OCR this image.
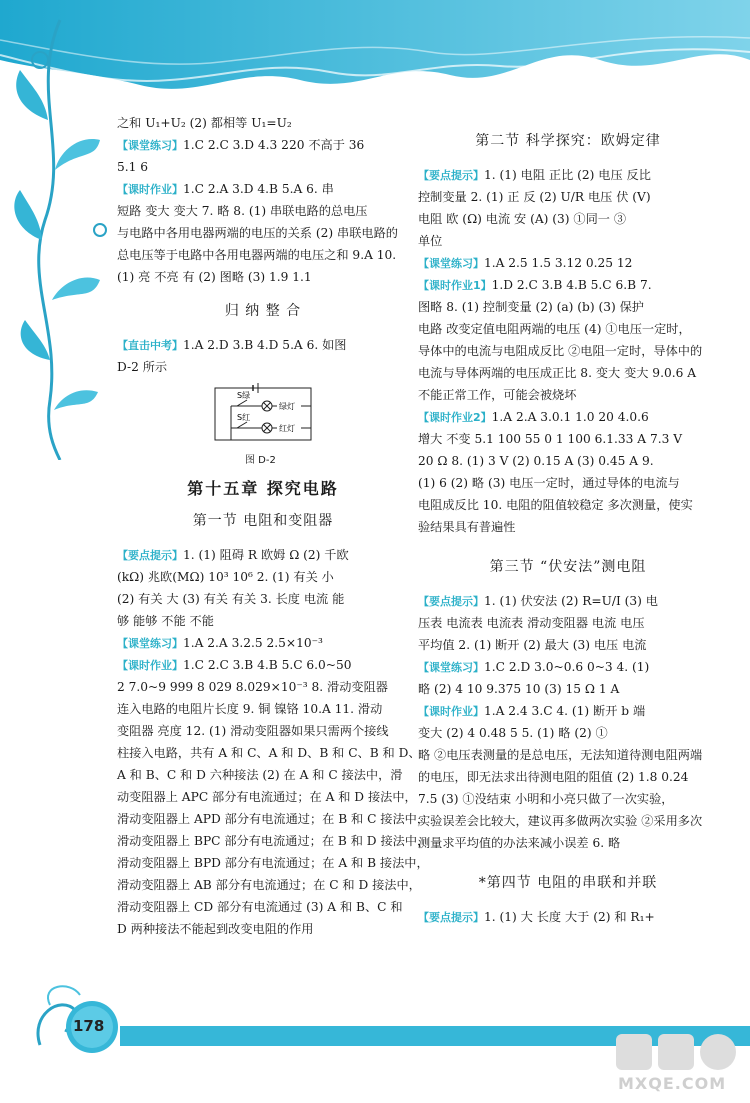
之和 U₁+U₂ (2) 都相等 U₁=U₂
【课堂练习】1.C 2.C 3.D 4.3 220 不高于 36
5.1 6
【课时作业】1.C 2.A 3.D 4.B 5.A 6. 串
短路 变大 变大 7. 略 8. (1) 串联电路的总电压
与电路中各用电器两端的电压的关系 (2) 串联电路的
总电压等于电路中各用电器两端的电压之和 9.A 10.
(1) 亮 不亮 有 (2) 图略 (3) 1.9 1.1
归 纳 整 合
【直击中考】1.A 2.D 3.B 4.D 5.A 6. 如图
D-2 所示
S绿
S红
绿灯
红灯
图 D-2
第十五章 探究电路
第一节 电阻和变阻器
【要点提示】1. (1) 阻碍 R 欧姆 Ω (2) 千欧
(kΩ) 兆欧(MΩ) 10³ 10⁶ 2. (1) 有关 小
(2) 有关 大 (3) 有关 有关 3. 长度 电流 能
够 能够 不能 不能
【课堂练习】1.A 2.A 3.2.5 2.5×10⁻³
【课时作业】1.C 2.C 3.B 4.B 5.C 6.0~50
2 7.0~9 999 8 029 8.029×10⁻³ 8. 滑动变阻器
连入电路的电阻片长度 9. 铜 镍铬 10.A 11. 滑动
变阻器 亮度 12. (1) 滑动变阻器如果只需两个接线
柱接入电路，共有 A 和 C、A 和 D、B 和 C、B 和 D、
A 和 B、C 和 D 六种接法 (2) 在 A 和 C 接法中，滑
动变阻器上 APC 部分有电流通过；在 A 和 D 接法中，
滑动变阻器上 APD 部分有电流通过；在 B 和 C 接法中，
滑动变阻器上 BPC 部分有电流通过；在 B 和 D 接法中，
滑动变阻器上 BPD 部分有电流通过；在 A 和 B 接法中，
滑动变阻器上 AB 部分有电流通过；在 C 和 D 接法中，
滑动变阻器上 CD 部分有电流通过 (3) A 和 B、C 和
D 两种接法不能起到改变电阻的作用
第二节 科学探究：欧姆定律
【要点提示】1. (1) 电阻 正比 (2) 电压 反比
控制变量 2. (1) 正 反 (2) U/R 电压 伏 (V)
电阻 欧 (Ω) 电流 安 (A) (3) ①同一 ③
单位
【课堂练习】1.A 2.5 1.5 3.12 0.25 12
【课时作业1】1.D 2.C 3.B 4.B 5.C 6.B 7.
图略 8. (1) 控制变量 (2) (a) (b) (3) 保护
电路 改变定值电阻两端的电压 (4) ①电压一定时，
导体中的电流与电阻成反比 ②电阻一定时，导体中的
电流与导体两端的电压成正比 8. 变大 变大 9.0.6 A
不能正常工作，可能会被烧坏
【课时作业2】1.A 2.A 3.0.1 1.0 20 4.0.6
增大 不变 5.1 100 55 0 1 100 6.1.33 A 7.3 V
20 Ω 8. (1) 3 V (2) 0.15 A (3) 0.45 A 9.
(1) 6 (2) 略 (3) 电压一定时，通过导体的电流与
电阻成反比 10. 电阻的阻值较稳定 多次测量，使实
验结果具有普遍性
第三节 “伏安法”测电阻
【要点提示】1. (1) 伏安法 (2) R=U/I (3) 电
压表 电流表 电流表 滑动变阻器 电流 电压
平均值 2. (1) 断开 (2) 最大 (3) 电压 电流
【课堂练习】1.C 2.D 3.0~0.6 0~3 4. (1)
略 (2) 4 10 9.375 10 (3) 15 Ω 1 A
【课时作业】1.A 2.4 3.C 4. (1) 断开 b 端
变大 (2) 4 0.48 5 5. (1) 略 (2) ①
略 ②电压表测量的是总电压，无法知道待测电阻两端
的电压，即无法求出待测电阻的阻值 (2) 1.8 0.24
7.5 (3) ①没结束 小明和小亮只做了一次实验，
实验误差会比较大，建议再多做两次实验 ②采用多次
测量求平均值的办法来减小误差 6. 略
*第四节 电阻的串联和并联
【要点提示】1. (1) 大 长度 大于 (2) 和 R₁+
178
MXQE.COM
